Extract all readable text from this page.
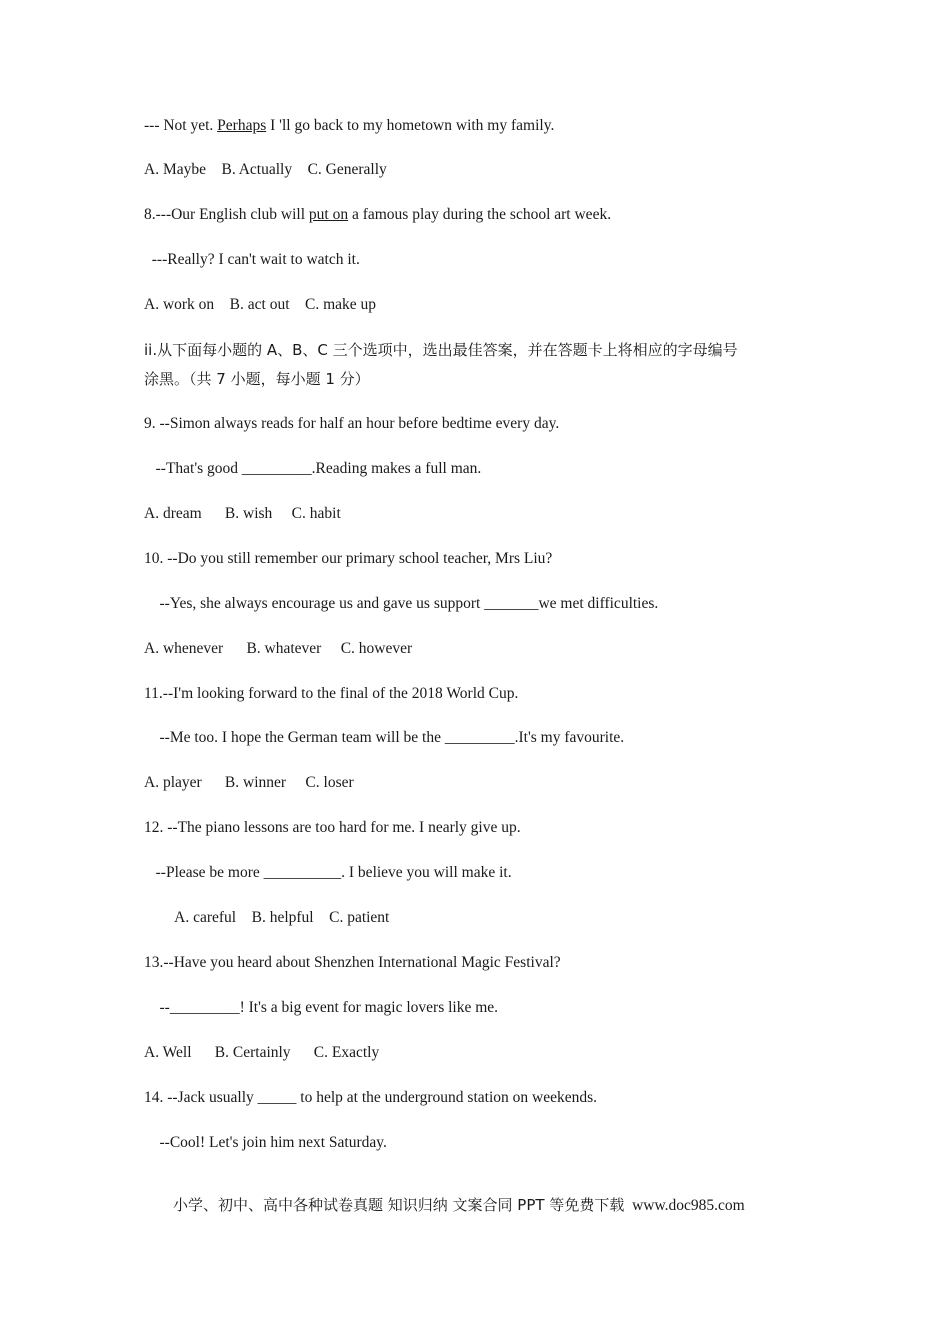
--- Not yet. Perhaps I 'll go back to my hometown with my family.
A. Maybe    B. Actually    C. Generally
8.---Our English club will put on a famous play during the school art week.
---Really? I can't wait to watch it.
A. work on    B. act out    C. make up
ii.从下面每小题的 A、B、C 三个选项中，选出最佳答案，并在答题卡上将相应的字母编号
涂黑。（共 7 小题，每小题 1 分）
9. --Simon always reads for half an hour before bedtime every day.
--That's good _________.Reading makes a full man.
A. dream      B. wish     C. habit
10. --Do you still remember our primary school teacher, Mrs Liu?
--Yes, she always encourage us and gave us support _______we met difficulties.
A. whenever      B. whatever     C. however
11.--I'm looking forward to the final of the 2018 World Cup.
--Me too. I hope the German team will be the _________.It's my favourite.
A. player      B. winner     C. loser
12. --The piano lessons are too hard for me. I nearly give up.
--Please be more __________. I believe you will make it.
A. careful    B. helpful    C. patient
13.--Have you heard about Shenzhen International Magic Festival?
--_________! It's a big event for magic lovers like me.
A. Well      B. Certainly      C. Exactly
14. --Jack usually _____ to help at the underground station on weekends.
--Cool! Let's join him next Saturday.
小学、初中、高中各种试卷真题 知识归纳 文案合同 PPT 等免费下载 www.doc985.com
